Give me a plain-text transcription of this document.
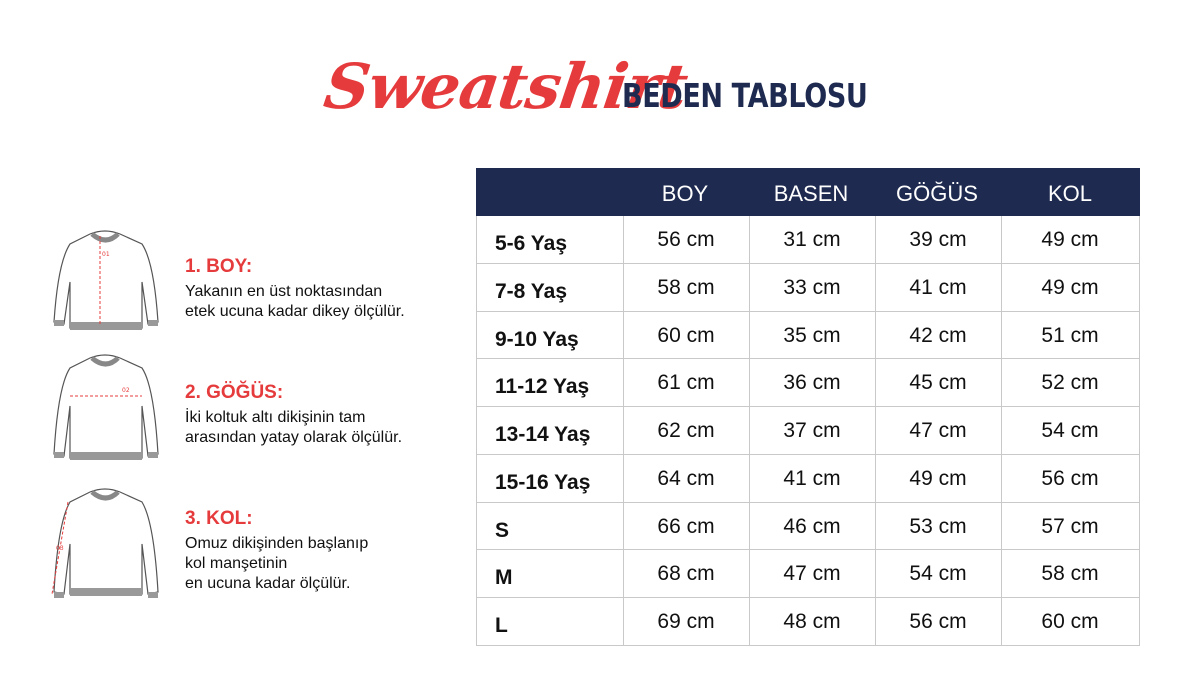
Sweatshirt
BEDEN TABLOSU
01
1. BOY:
Yakanın en üst noktasından
etek ucuna kadar dikey ölçülür.
02	2. GÖĞÜS:
İki koltuk altı dikişinin tam
arasından yatay olarak ölçülür.
03
3. KOL:
Omuz dikişinden başlanıp
kol manşetinin
en ucuna kadar ölçülür.
BOY	BASEN	GÖĞÜS	KOL
5-6 Yaş	56 cm	31 cm	39 cm	49 cm
7-8 Yaş	58 cm	33 cm	41 cm	49 cm
9-10 Yaş	60 cm	35 cm	42 cm	51 cm
11-12 Yaş	61 cm	36 cm	45 cm	52 cm
13-14 Yaş	62 cm	37 cm	47 cm	54 cm
15-16 Yaş	64 cm	41 cm	49 cm	56 cm
S	66 cm	46 cm	53 cm	57 cm
M	68 cm	47 cm	54 cm	58 cm
L	69 cm	48 cm	56 cm	60 cm
